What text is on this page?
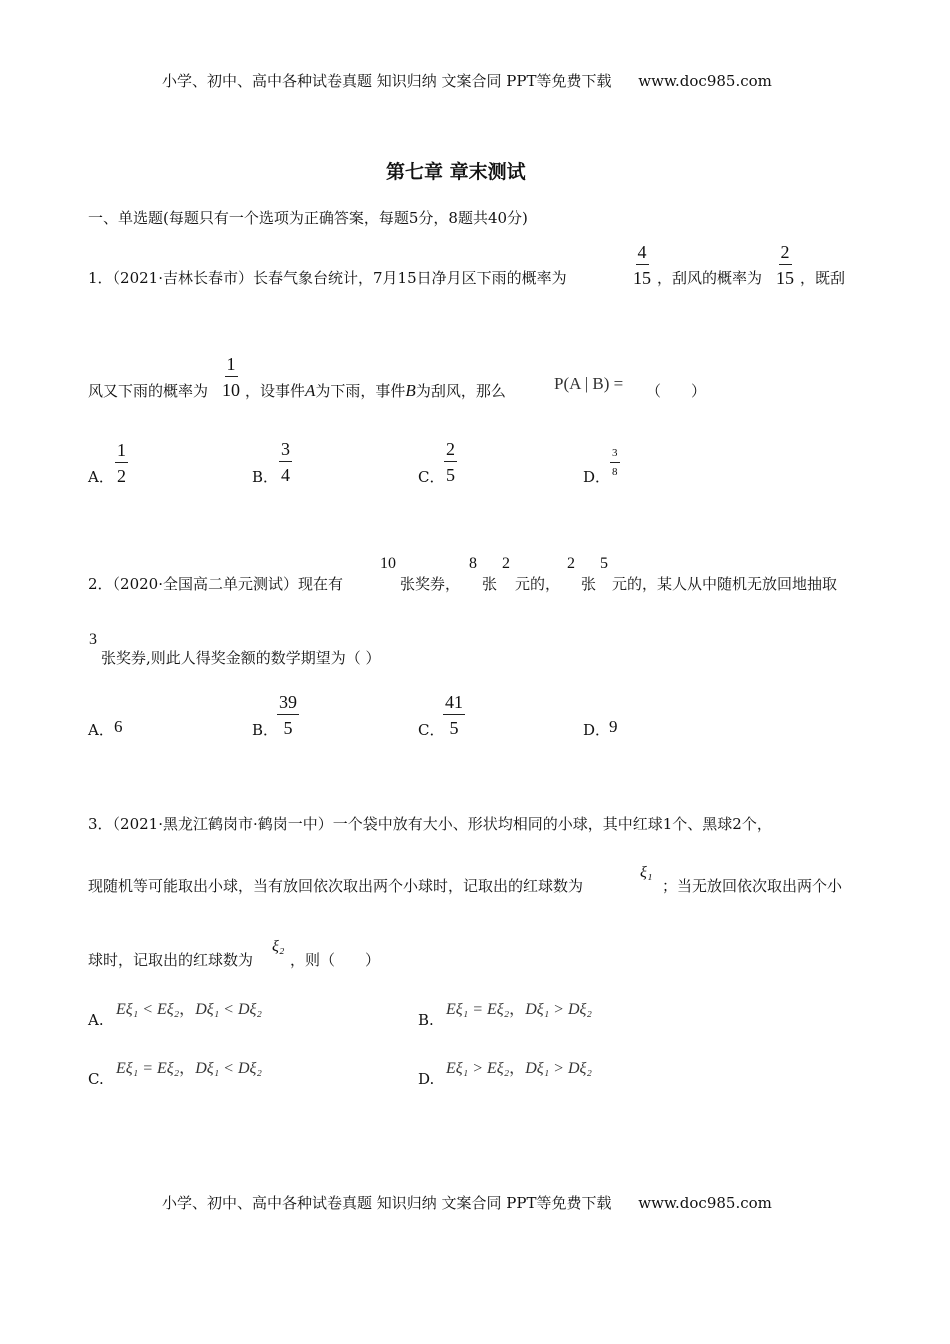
小学、初中、高中各种试卷真题 知识归纳 文案合同 PPT等免费下载 www.doc985.com
第七章 章末测试
一、单选题(每题只有一个选项为正确答案，每题5分，8题共40分)
1．（2021·吉林长春市）长春气象台统计，7月15日净月区下雨的概率为	$\frac{4}{15}$ ，刮风的概率为 $\frac{2}{15}$ ，既刮
风又下雨的概率为 $\frac{1}{10}$ ，设事件A为下雨，事件B为刮风，那么	P(A | B) = （　　）
A． $\frac{1}{2}$	B． $\frac{3}{4}$	C． $\frac{2}{5}$	D． $\frac{3}{8}$
2．（2020·全国高二单元测试）现在有
10
张奖券，
8
张
2
元的，
2
张
5
元的，某人从中随机无放回地抽取
3
张奖券,则此人得奖金额的数学期望为（ ）
A． 6	B．
$\frac{39}{5}$	C．
$\frac{41}{5}$	D．
9
3．（2021·黑龙江鹤岗市·鹤岗一中）一个袋中放有大小、形状均相同的小球，其中红球1个、黑球2个，
现随机等可能取出小球，当有放回依次取出两个小球时，记取出的红球数为
ξ₁
；当无放回依次取出两个小
球时，记取出的红球数为
ξ₂
，则（　　）
A.
Eξ₁ < Eξ₂，Dξ₁ < Dξ₂
B.
Eξ₁ = Eξ₂，Dξ₁ > Dξ₂
C.
Eξ₁ = Eξ₂，Dξ₁ < Dξ₂
D.
Eξ₁ > Eξ₂，Dξ₁ > Dξ₂
小学、初中、高中各种试卷真题 知识归纳 文案合同 PPT等免费下载 www.doc985.com
